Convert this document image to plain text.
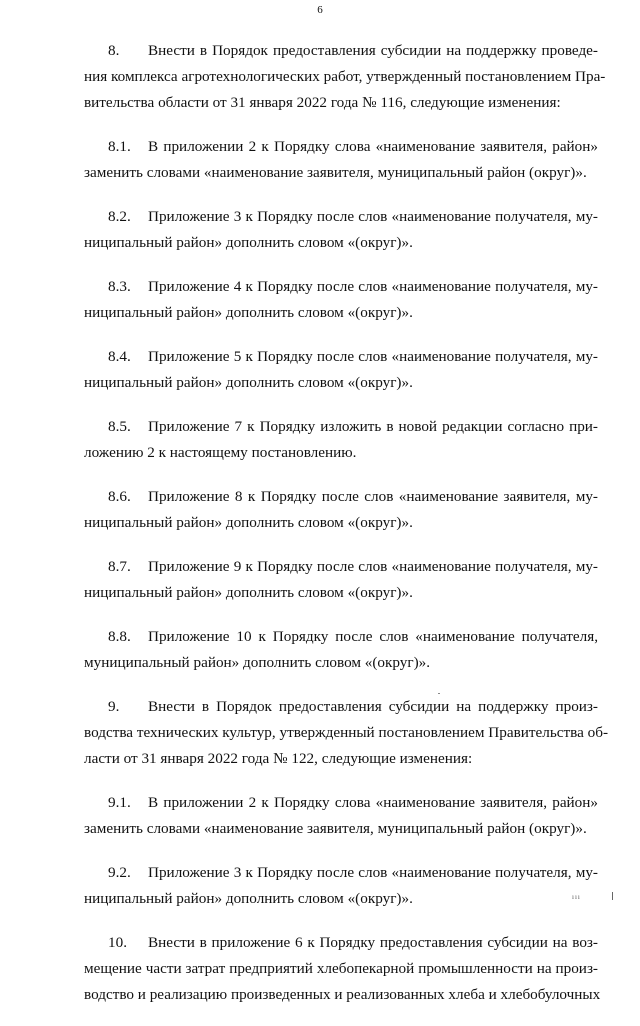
6
8. Внести в Порядок предоставления субсидии на поддержку проведе-
ния комплекса агротехнологических работ, утвержденный постановлением Пра-
вительства области от 31 января 2022 года № 116, следующие изменения:
8.1. В приложении 2 к Порядку слова «наименование заявителя, район»
заменить словами «наименование заявителя, муниципальный район (округ)».
8.2. Приложение 3 к Порядку после слов «наименование получателя, му-
ниципальный район» дополнить словом «(округ)».
8.3. Приложение 4 к Порядку после слов «наименование получателя, му-
ниципальный район» дополнить словом «(округ)».
8.4. Приложение 5 к Порядку после слов «наименование получателя, му-
ниципальный район» дополнить словом «(округ)».
8.5. Приложение 7 к Порядку изложить в новой редакции согласно при-
ложению 2 к настоящему постановлению.
8.6. Приложение 8 к Порядку после слов «наименование заявителя, му-
ниципальный район» дополнить словом «(округ)».
8.7. Приложение 9 к Порядку после слов «наименование получателя, му-
ниципальный район» дополнить словом «(округ)».
8.8. Приложение 10 к Порядку после слов «наименование получателя,
муниципальный район» дополнить словом «(округ)».
9. Внести в Порядок предоставления субсидии на поддержку произ-
водства технических культур, утвержденный постановлением Правительства об-
ласти от 31 января 2022 года № 122, следующие изменения:
9.1. В приложении 2 к Порядку слова «наименование заявителя, район»
заменить словами «наименование заявителя, муниципальный район (округ)».
9.2. Приложение 3 к Порядку после слов «наименование получателя, му-
ниципальный район» дополнить словом «(округ)».
10. Внести в приложение 6 к Порядку предоставления субсидии на воз-
мещение части затрат предприятий хлебопекарной промышленности на произ-
водство и реализацию произведенных и реализованных хлеба и хлебобулочных
ııı
